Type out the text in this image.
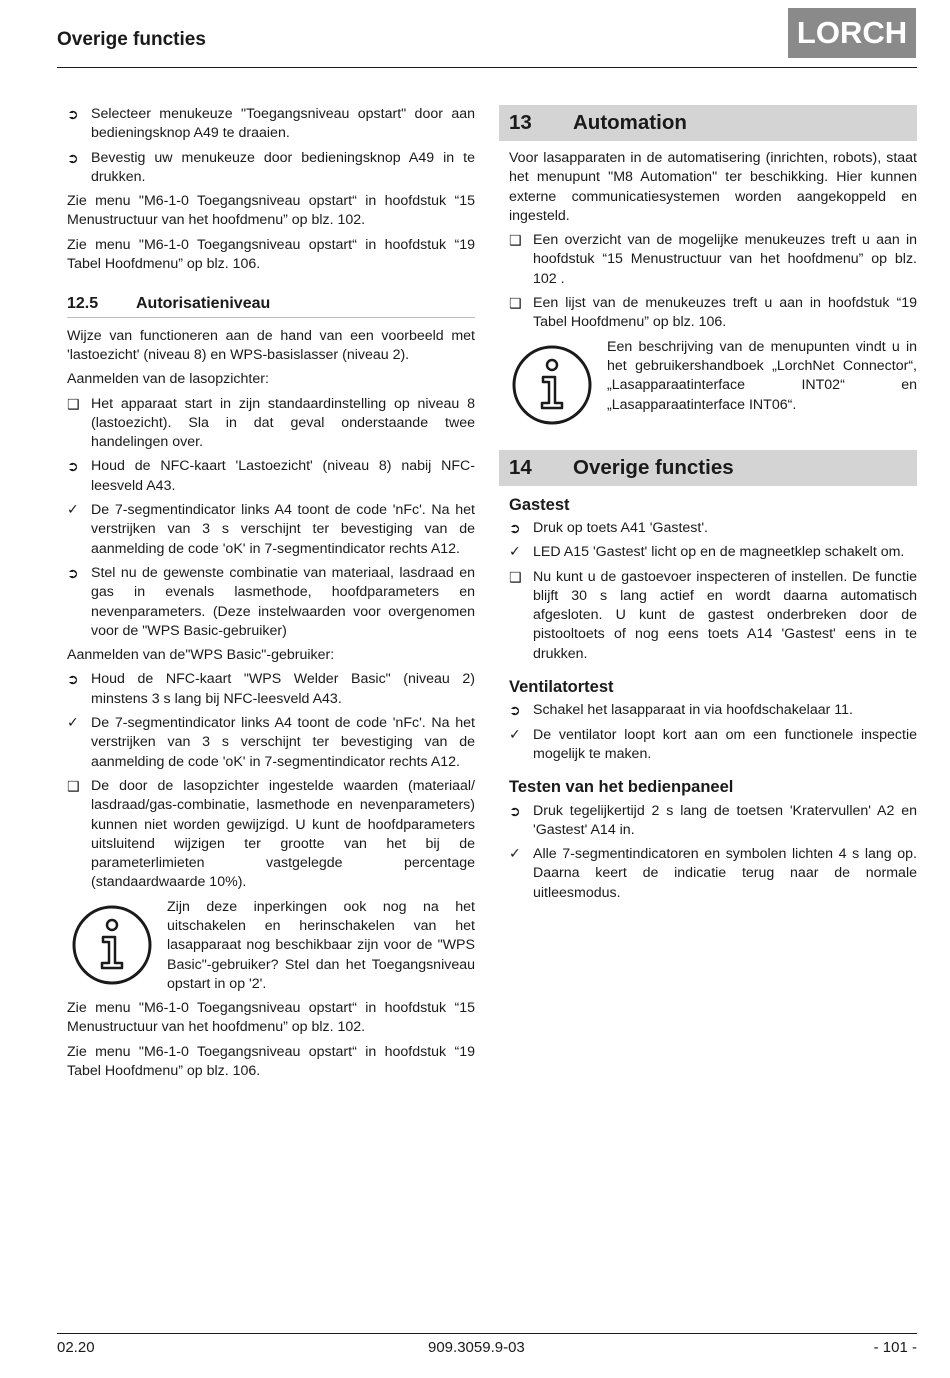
Overige functies	LORCH
➲ Selecteer menukeuze "Toegangsniveau opstart" door aan bedieningsknop A49 te draaien.
➲ Bevestig uw menukeuze door bedieningsknop A49 in te drukken.

Zie menu "M6-1-0 Toegangsniveau opstart“ in hoofdstuk “15 Menustructuur van het hoofdmenu” op blz. 102.

Zie menu "M6-1-0 Toegangsniveau opstart“ in hoofdstuk “19 Tabel Hoofdmenu” op blz. 106.

12.5	Autorisatieniveau

Wijze van functioneren aan de hand van een voorbeeld met 'lastoezicht' (niveau 8) en WPS-basislasser (niveau 2).

Aanmelden van de lasopzichter:

❑ Het apparaat start in zijn standaardinstelling op niveau 8 (lastoezicht). Sla in dat geval onderstaande twee handelingen over.
➲ Houd de NFC-kaart 'Lastoezicht' (niveau 8) nabij NFC-leesveld A43.
✓ De 7-segmentindicator links A4 toont de code 'nFc'. Na het verstrijken van 3 s verschijnt ter bevestiging van de aanmelding de code 'oK' in 7-segmentindicator rechts A12.
➲ Stel nu de gewenste combinatie van materiaal, lasdraad en gas in evenals lasmethode, hoofdparameters en nevenparameters. (Deze instelwaarden voor overgenomen voor de "WPS Basic-gebruiker)

Aanmelden van de"WPS Basic"-gebruiker:

➲ Houd de NFC-kaart "WPS Welder Basic" (niveau 2) minstens 3 s lang bij NFC-leesveld A43.
✓ De 7-segmentindicator links A4 toont de code 'nFc'. Na het verstrijken van 3 s verschijnt ter bevestiging van de aanmelding de code 'oK' in 7-segmentindicator rechts A12.
❑ De door de lasopzichter ingestelde waarden (materiaal/ lasdraad/gas-combinatie, lasmethode en nevenparameters) kunnen niet worden gewijzigd. U kunt de hoofdparameters uitsluitend wijzigen ter grootte van het bij de parameterlimieten vastgelegde percentage (standaardwaarde 10%).
Zijn deze inperkingen ook nog na het uitschakelen en herinschakelen van het lasapparaat nog beschikbaar zijn voor de "WPS Basic"-gebruiker? Stel dan het Toegangsniveau opstart in op '2'.

Zie menu "M6-1-0 Toegangsniveau opstart“ in hoofdstuk “15 Menustructuur van het hoofdmenu” op blz. 102.

Zie menu "M6-1-0 Toegangsniveau opstart“ in hoofdstuk “19 Tabel Hoofdmenu” op blz. 106.

13	Automation

Voor lasapparaten in de automatisering (inrichten, robots), staat het menupunt "M8 Automation" ter beschikking. Hier kunnen externe communicatiesystemen worden aangekoppeld en ingesteld.

❑ Een overzicht van de mogelijke menukeuzes treft u aan in hoofdstuk “15 Menustructuur van het hoofdmenu” op blz. 102 .
❑ Een lijst van de menukeuzes treft u aan in hoofdstuk “19 Tabel Hoofdmenu” op blz. 106.
Een beschrijving van de menupunten vindt u in het gebruikershandboek „LorchNet Connector“, „Lasapparaatinterface INT02“ en „Lasapparaatinterface INT06“.
14	Overige functies
Gastest
➲ Druk op toets A41 'Gastest'.
✓ LED A15 'Gastest' licht op en de magneetklep schakelt om.
❑ Nu kunt u de gastoevoer inspecteren of instellen. De functie blijft 30 s lang actief en wordt daarna automatisch afgesloten. U kunt de gastest onderbreken door de pistooltoets of nog eens toets A14 'Gastest' eens in te drukken.
Ventilatortest
➲ Schakel het lasapparaat in via hoofdschakelaar 11.
✓ De ventilator loopt kort aan om een functionele inspectie mogelijk te maken.
Testen van het bedienpaneel
➲ Druk tegelijkertijd 2 s lang de toetsen 'Kratervullen' A2 en 'Gastest' A14 in.
✓ Alle 7-segmentindicatoren en symbolen lichten 4 s lang op. Daarna keert de indicatie terug naar de normale uitleesmodus.
02.20	909.3059.9-03	- 101 -
